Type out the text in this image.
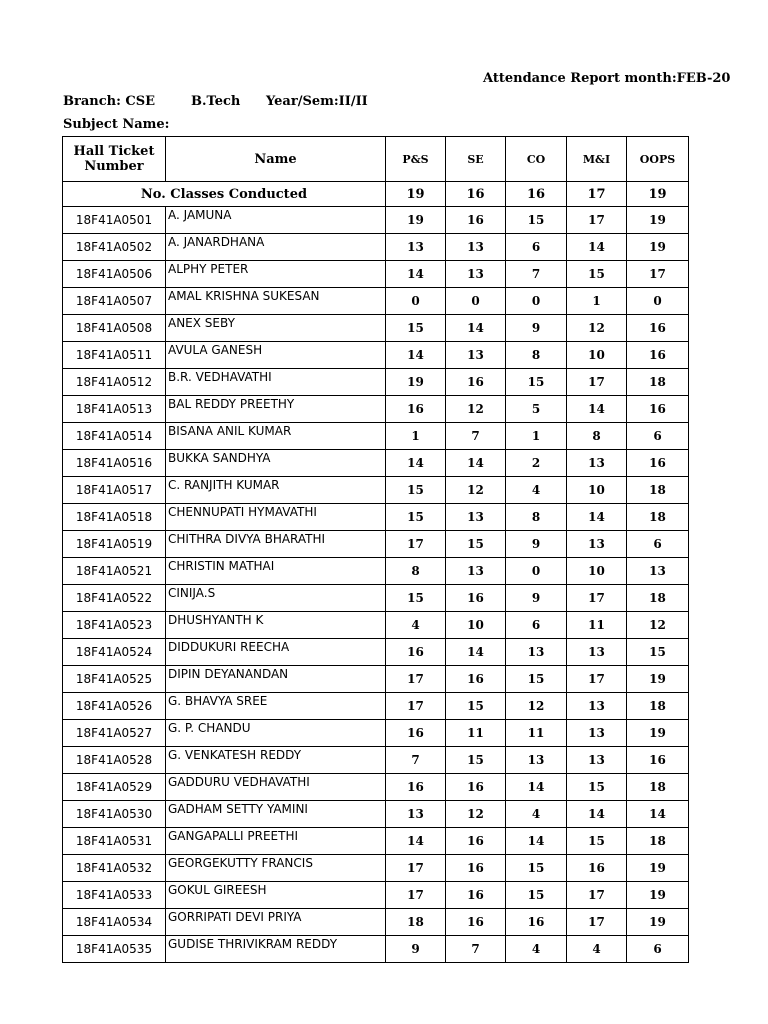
Attendance Report month:FEB-20
Branch: CSE	B.Tech Year/Sem:II/II
Subject Name:
Hall Ticket Number	Name	P&S	SE	CO	M&I	OOPS
No. Classes Conducted		19	16	16	17	19
18F41A0501	A. JAMUNA	19	16	15	17	19
18F41A0502	A. JANARDHANA	13	13	6	14	19
18F41A0506	ALPHY PETER	14	13	7	15	17
18F41A0507	AMAL KRISHNA SUKESAN	0	0	0	1	0
18F41A0508	ANEX SEBY	15	14	9	12	16
18F41A0511	AVULA GANESH	14	13	8	10	16
18F41A0512	B.R. VEDHAVATHI	19	16	15	17	18
18F41A0513	BAL REDDY PREETHY	16	12	5	14	16
18F41A0514	BISANA ANIL KUMAR	1	7	1	8	6
18F41A0516	BUKKA SANDHYA	14	14	2	13	16
18F41A0517	C. RANJITH KUMAR	15	12	4	10	18
18F41A0518	CHENNUPATI HYMAVATHI	15	13	8	14	18
18F41A0519	CHITHRA DIVYA BHARATHI	17	15	9	13	6
18F41A0521	CHRISTIN MATHAI	8	13	0	10	13
18F41A0522	CINIJA.S	15	16	9	17	18
18F41A0523	DHUSHYANTH K	4	10	6	11	12
18F41A0524	DIDDUKURI REECHA	16	14	13	13	15
18F41A0525	DIPIN DEYANANDAN	17	16	15	17	19
18F41A0526	G. BHAVYA SREE	17	15	12	13	18
18F41A0527	G. P. CHANDU	16	11	11	13	19
18F41A0528	G. VENKATESH REDDY	7	15	13	13	16
18F41A0529	GADDURU VEDHAVATHI	16	16	14	15	18
18F41A0530	GADHAM SETTY YAMINI	13	12	4	14	14
18F41A0531	GANGAPALLI PREETHI	14	16	14	15	18
18F41A0532	GEORGEKUTTY FRANCIS	17	16	15	16	19
18F41A0533	GOKUL GIREESH	17	16	15	17	19
18F41A0534	GORRIPATI DEVI PRIYA	18	16	16	17	19
18F41A0535	GUDISE THRIVIKRAM REDDY	9	7	4	4	6
